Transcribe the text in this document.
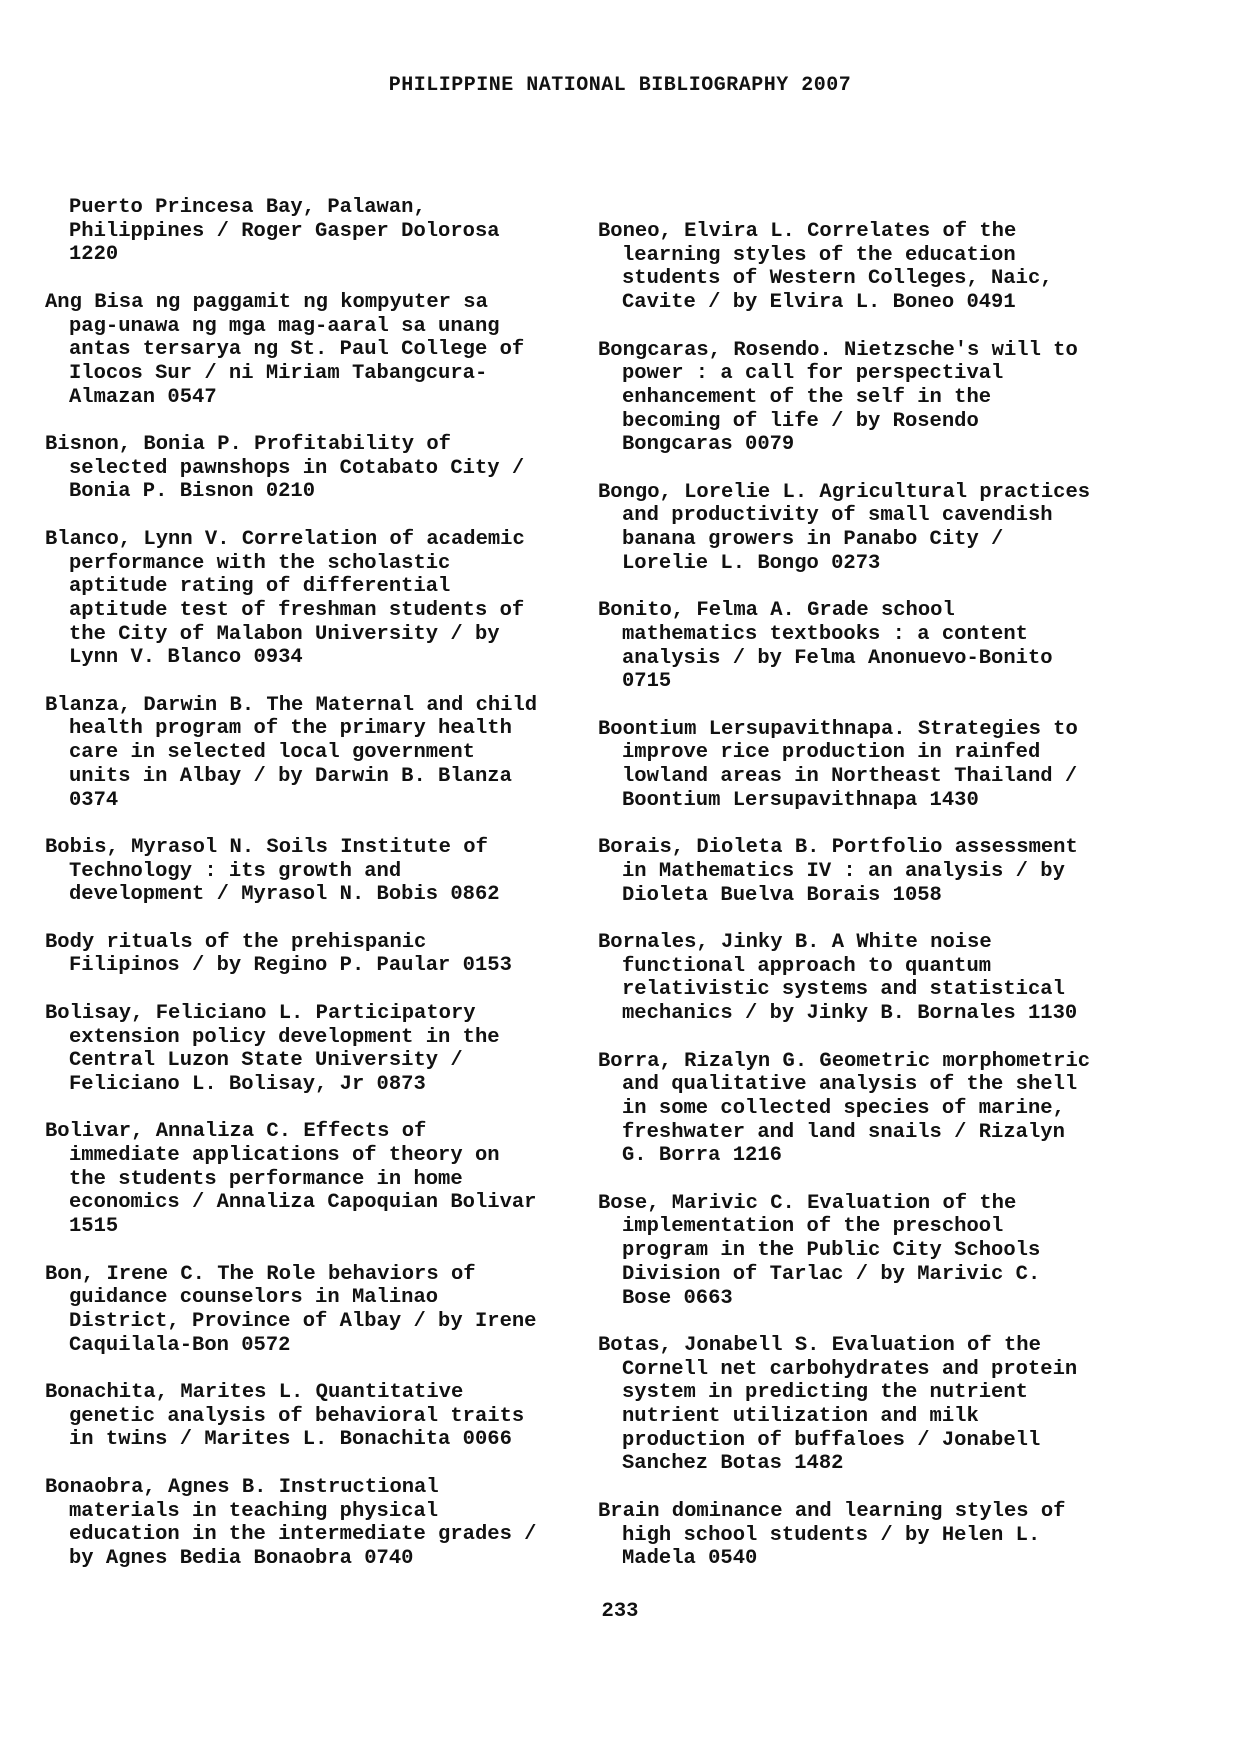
PHILIPPINE NATIONAL BIBLIOGRAPHY 2007

Puerto Princesa Bay, Palawan,
Philippines / Roger Gasper Dolorosa
1220

Ang Bisa ng paggamit ng kompyuter sa
pag-unawa ng mga mag-aaral sa unang
antas tersarya ng St. Paul College of
Ilocos Sur / ni Miriam Tabangcura-
Almazan 0547

Bisnon, Bonia P. Profitability of
selected pawnshops in Cotabato City /
Bonia P. Bisnon 0210

Blanco, Lynn V. Correlation of academic
performance with the scholastic
aptitude rating of differential
aptitude test of freshman students of
the City of Malabon University / by
Lynn V. Blanco 0934

Blanza, Darwin B. The Maternal and child
health program of the primary health
care in selected local government
units in Albay / by Darwin B. Blanza
0374

Bobis, Myrasol N. Soils Institute of
Technology : its growth and
development / Myrasol N. Bobis 0862

Body rituals of the prehispanic
Filipinos / by Regino P. Paular 0153

Bolisay, Feliciano L. Participatory
extension policy development in the
Central Luzon State University /
Feliciano L. Bolisay, Jr 0873

Bolivar, Annaliza C. Effects of
immediate applications of theory on
the students performance in home
economics / Annaliza Capoquian Bolivar
1515

Bon, Irene C. The Role behaviors of
guidance counselors in Malinao
District, Province of Albay / by Irene
Caquilala-Bon 0572

Bonachita, Marites L. Quantitative
genetic analysis of behavioral traits
in twins / Marites L. Bonachita 0066

Bonaobra, Agnes B. Instructional
materials in teaching physical
education in the intermediate grades /
by Agnes Bedia Bonaobra 0740

Boneo, Elvira L. Correlates of the
learning styles of the education
students of Western Colleges, Naic,
Cavite / by Elvira L. Boneo 0491

Bongcaras, Rosendo. Nietzsche's will to
power : a call for perspectival
enhancement of the self in the
becoming of life / by Rosendo
Bongcaras 0079

Bongo, Lorelie L. Agricultural practices
and productivity of small cavendish
banana growers in Panabo City /
Lorelie L. Bongo 0273

Bonito, Felma A. Grade school
mathematics textbooks : a content
analysis / by Felma Anonuevo-Bonito
0715

Boontium Lersupavithnapa. Strategies to
improve rice production in rainfed
lowland areas in Northeast Thailand /
Boontium Lersupavithnapa 1430

Borais, Dioleta B. Portfolio assessment
in Mathematics IV : an analysis / by
Dioleta Buelva Borais 1058

Bornales, Jinky B. A White noise
functional approach to quantum
relativistic systems and statistical
mechanics / by Jinky B. Bornales 1130

Borra, Rizalyn G. Geometric morphometric
and qualitative analysis of the shell
in some collected species of marine,
freshwater and land snails / Rizalyn
G. Borra 1216

Bose, Marivic C. Evaluation of the
implementation of the preschool
program in the Public City Schools
Division of Tarlac / by Marivic C.
Bose 0663

Botas, Jonabell S. Evaluation of the
Cornell net carbohydrates and protein
system in predicting the nutrient
nutrient utilization and milk
production of buffaloes / Jonabell
Sanchez Botas 1482

Brain dominance and learning styles of
high school students / by Helen L.
Madela 0540

233
